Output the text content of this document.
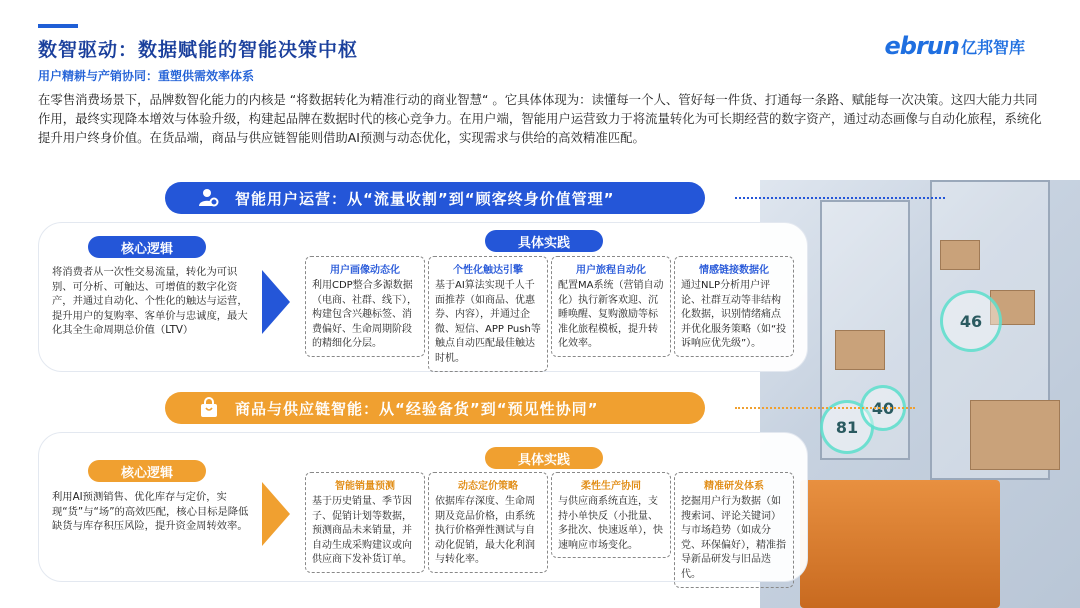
数智驱动：数据赋能的智能决策中枢
用户精耕与产销协同：重塑供需效率体系
ebrun 亿邦智库
在零售消费场景下，品牌数智化能力的内核是 “将数据转化为精准行动的商业智慧“ 。它具体体现为：读懂每一个人、管好每一件货、打通每一条路、赋能每一次决策。这四大能力共同作用，最终实现降本增效与体验升级，构建起品牌在数据时代的核心竞争力。在用户端，智能用户运营致力于将流量转化为可长期经营的数字资产，通过动态画像与自动化旅程，系统化提升用户终身价值。在货品端，商品与供应链智能则借助AI预测与动态优化，实现需求与供给的高效精准匹配。
46
81
40
智能用户运营：从“流量收割”到“顾客终身价值管理”
核心逻辑
将消费者从一次性交易流量，转化为可识别、可分析、可触达、可增值的数字化资产，并通过自动化、个性化的触达与运营，提升用户的复购率、客单价与忠诚度，最大化其全生命周期总价值（LTV）
具体实践
用户画像动态化
利用CDP整合多源数据（电商、社群、线下），构建包含兴趣标签、消费偏好、生命周期阶段的精细化分层。
个性化触达引擎
基于AI算法实现千人千面推荐（如商品、优惠券、内容），并通过企微、短信、APP Push等触点自动匹配最佳触达时机。
用户旅程自动化
配置MA系统（营销自动化）执行新客欢迎、沉睡唤醒、复购激励等标准化旅程模板，提升转化效率。
情感链接数据化
通过NLP分析用户评论、社群互动等非结构化数据，识别情绪痛点并优化服务策略（如“投诉响应优先级”）。
商品与供应链智能：从“经验备货”到“预见性协同”
核心逻辑
利用AI预测销售、优化库存与定价，实现“货”与“场”的高效匹配，核心目标是降低缺货与库存积压风险，提升资金周转效率。
具体实践
智能销量预测
基于历史销量、季节因子、促销计划等数据，预测商品未来销量，并自动生成采购建议或向供应商下发补货订单。
动态定价策略
依据库存深度、生命周期及竞品价格，由系统执行价格弹性测试与自动化促销，最大化利润与转化率。
柔性生产协同
与供应商系统直连，支持小单快反（小批量、多批次、快速返单），快速响应市场变化。
精准研发体系
挖掘用户行为数据（如搜索词、评论关键词）与市场趋势（如成分党、环保偏好），精准指导新品研发与旧品迭代。
